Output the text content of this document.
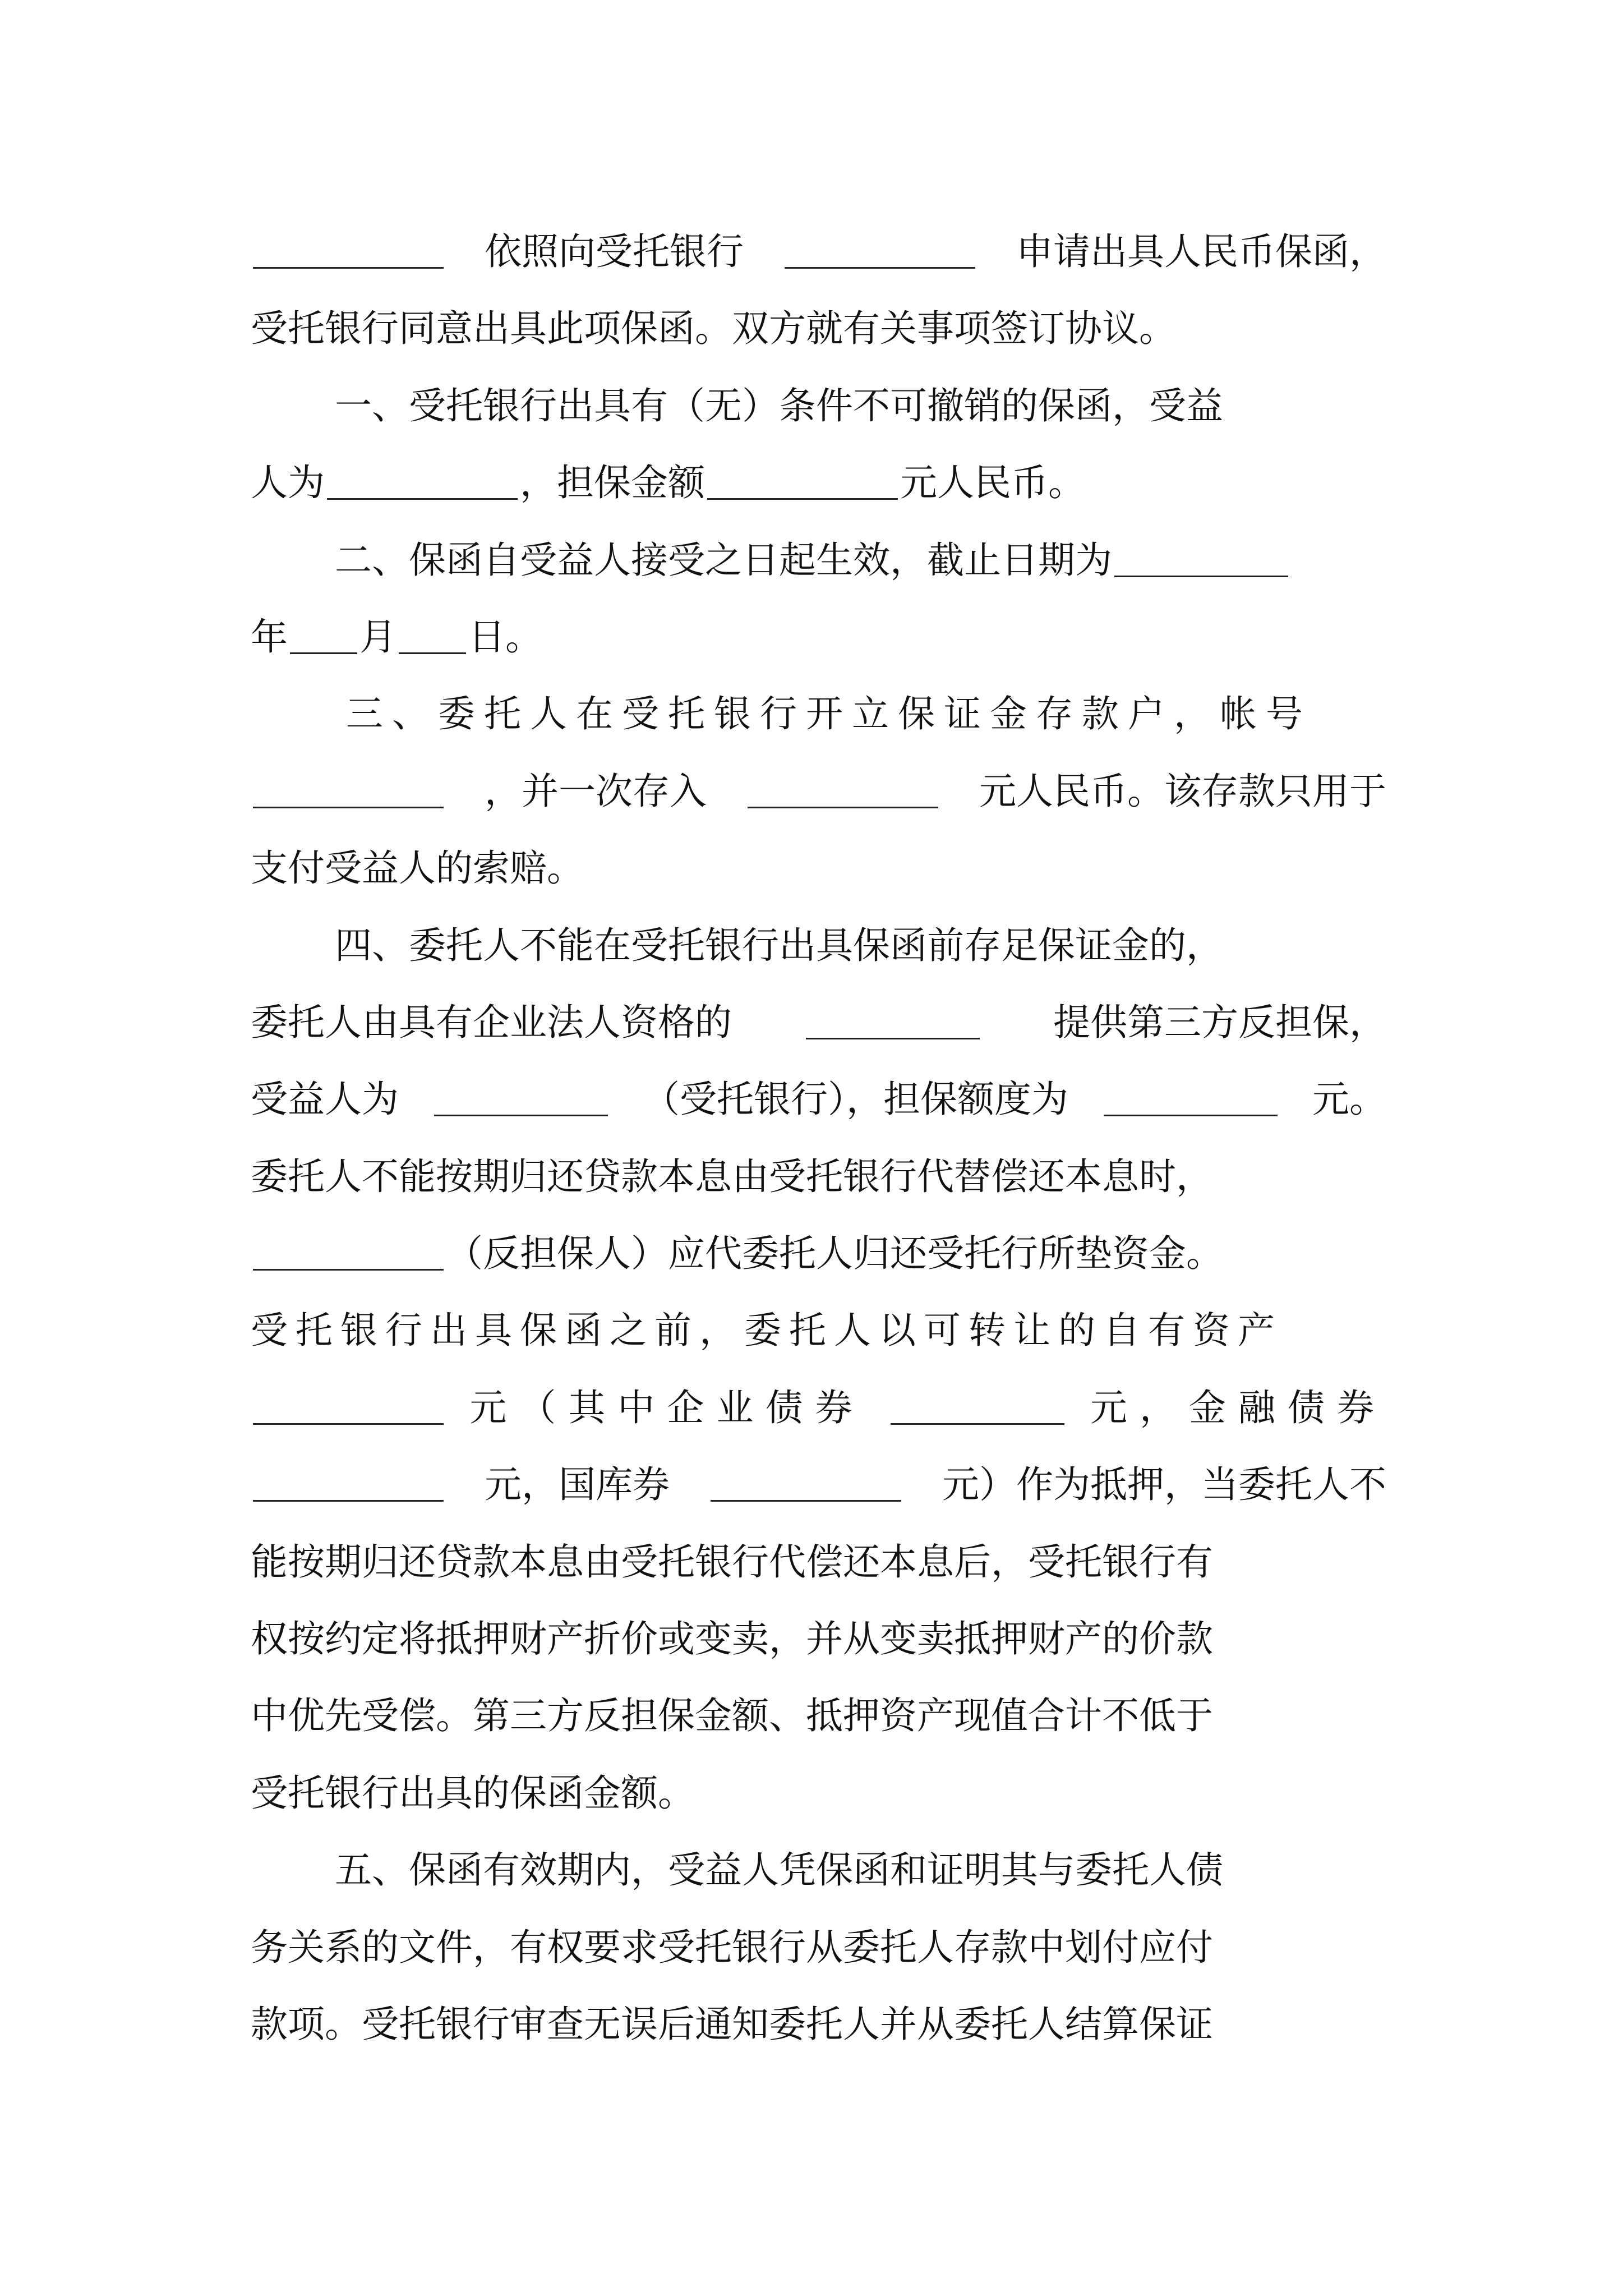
依照向受托银行	申请出具人民币保函，
受托银行同意出具此项保函。双方就有关事项签订协议。
一、受托银行出具有（无）条件不可撤销的保函，受益
人为	，担保金额	元人民币。
二、保函自受益人接受之日起生效，截止日期为
年 月 日。
三、委托人在受托银行开立保证金存款户，帐号
，并一次存入	元人民币。该存款只用于
支付受益人的索赔。
四、委托人不能在受托银行出具保函前存足保证金的，
委托人由具有企业法人资格的	提供第三方反担保，
受益人为	（受托银行），担保额度为	元。
委托人不能按期归还贷款本息由受托银行代替偿还本息时，
（反担保人）应代委托人归还受托行所垫资金。
受托银行出具保函之前，委托人以可转让的自有资产
元（其中企业债券	元，金融债券
元，国库券	元）作为抵押，当委托人不
能按期归还贷款本息由受托银行代偿还本息后，受托银行有
权按约定将抵押财产折价或变卖，并从变卖抵押财产的价款
中优先受偿。第三方反担保金额、抵押资产现值合计不低于
受托银行出具的保函金额。
五、保函有效期内，受益人凭保函和证明其与委托人债
务关系的文件，有权要求受托银行从委托人存款中划付应付
款项。受托银行审查无误后通知委托人并从委托人结算保证
